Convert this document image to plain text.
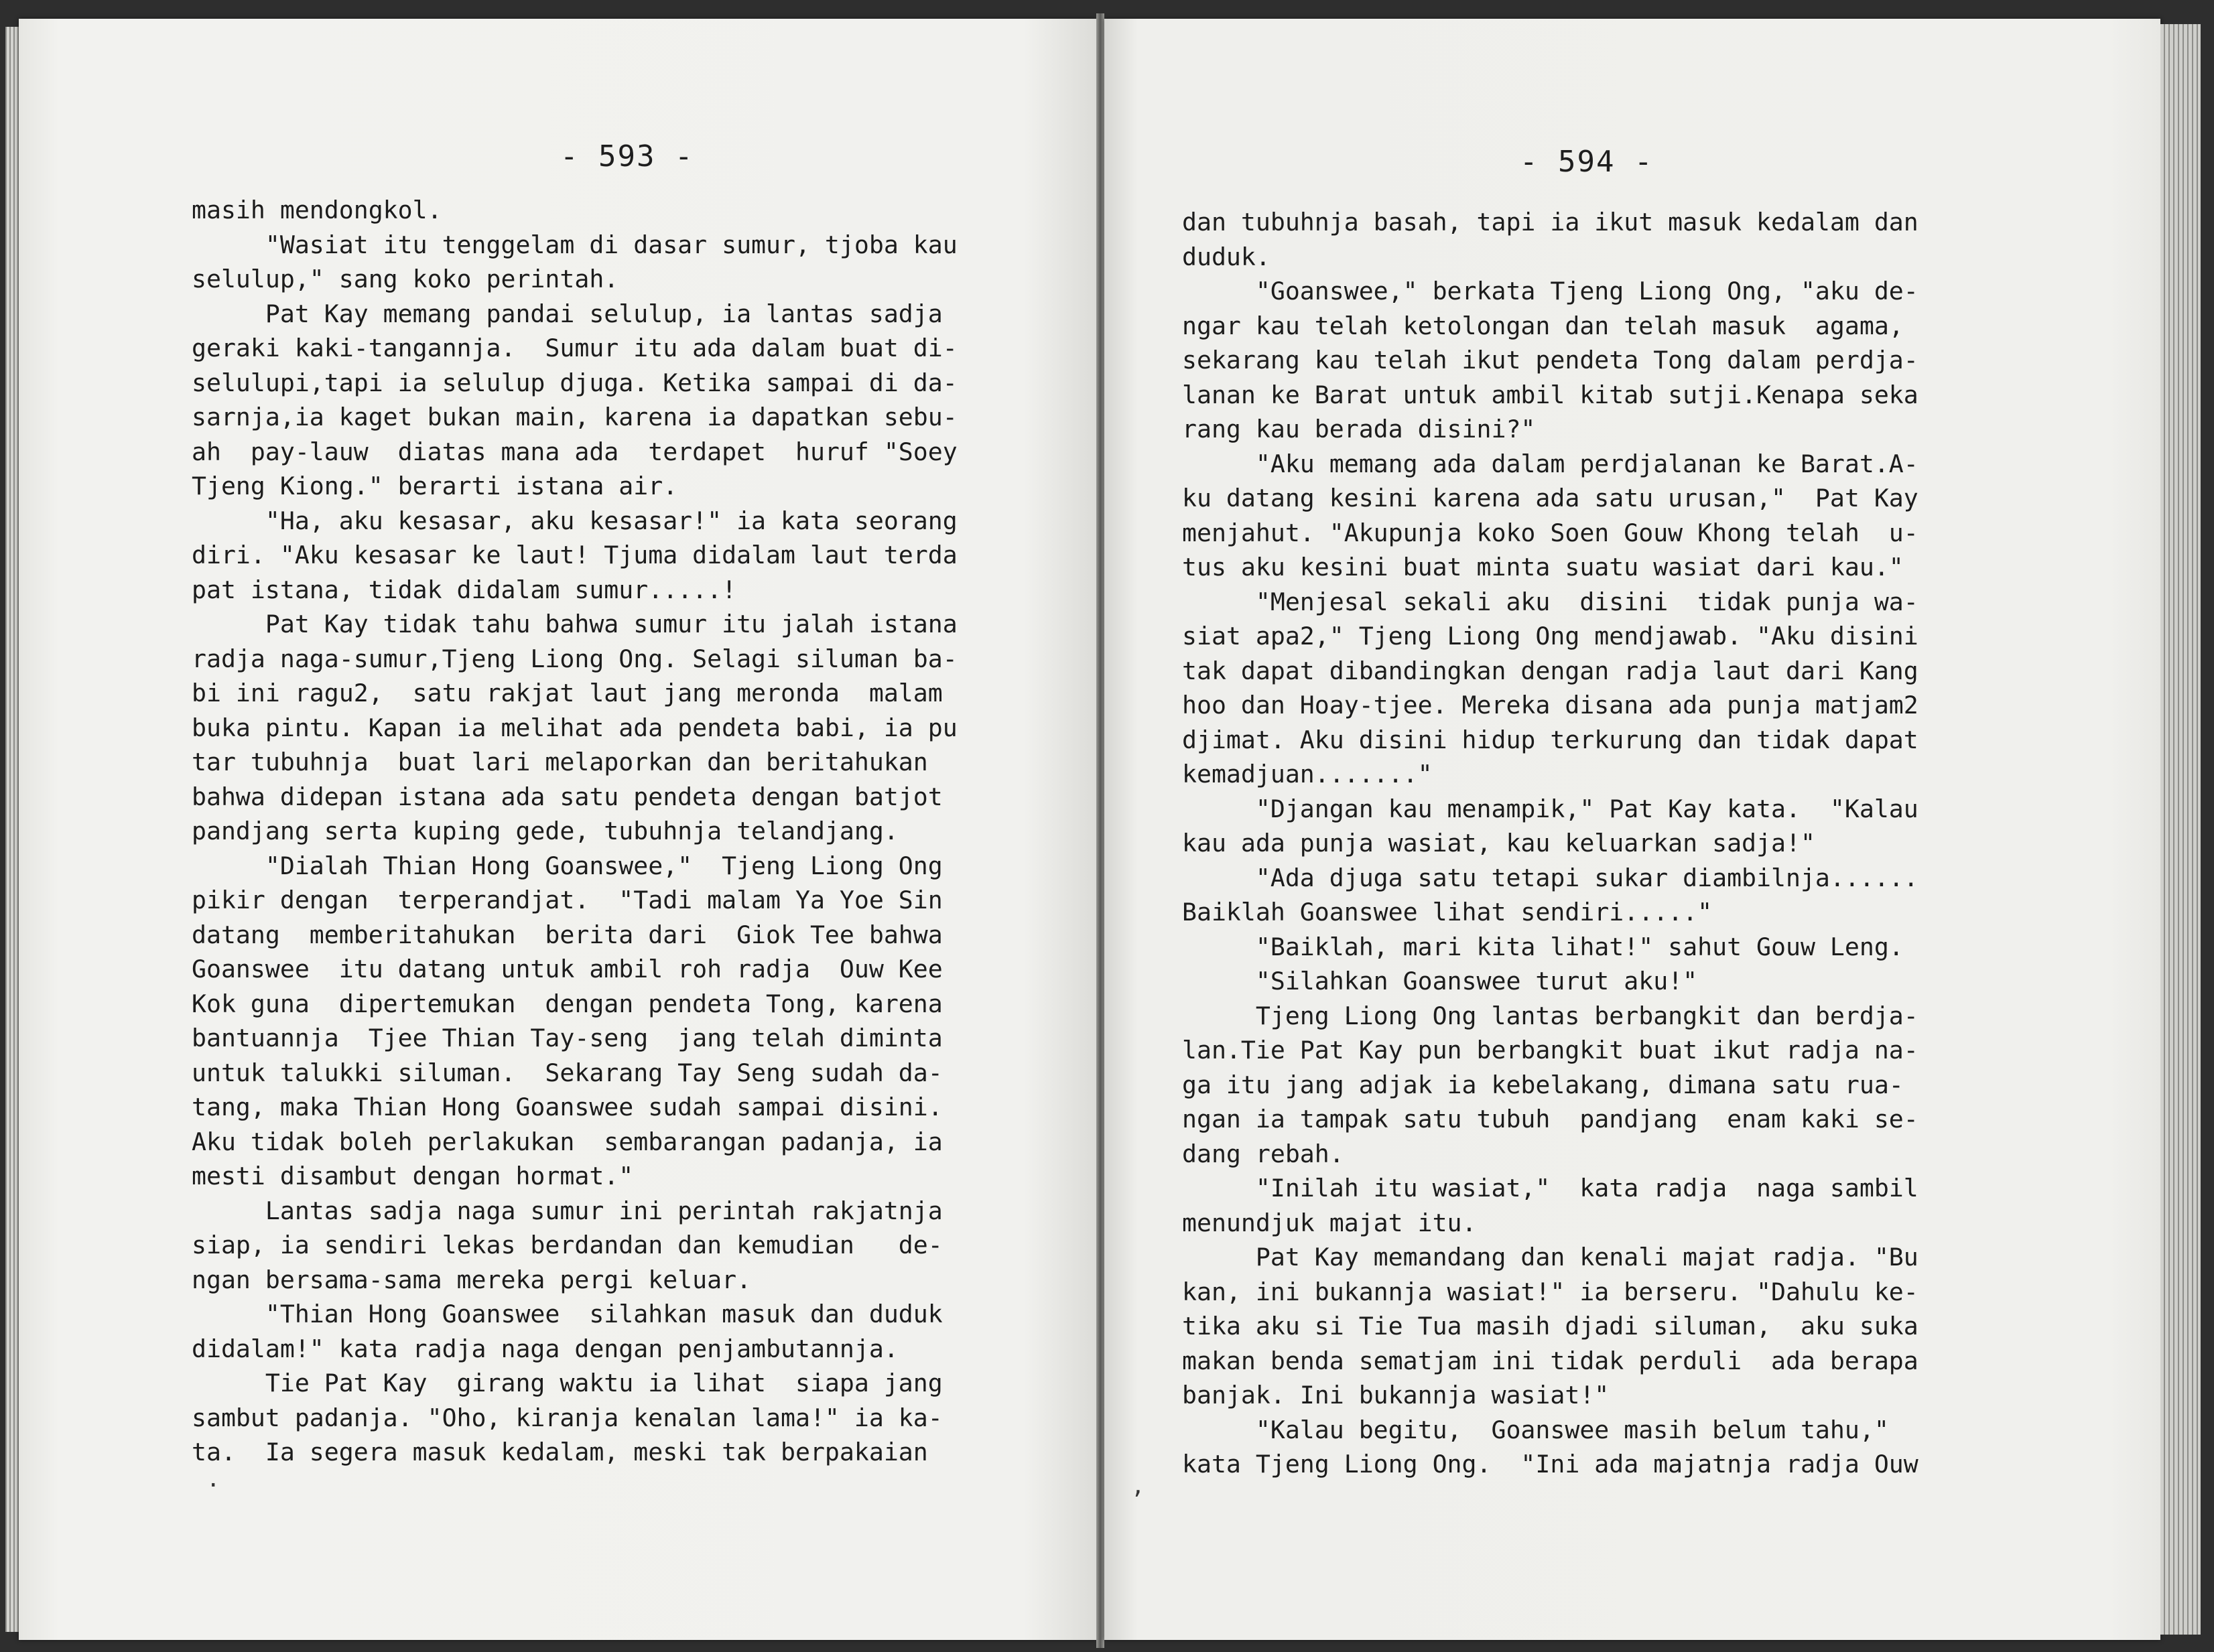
- 593 -
masih mendongkol.
"Wasiat itu tenggelam di dasar sumur, tjoba kau
selulup," sang koko perintah.
Pat Kay memang pandai selulup, ia lantas sadja
geraki kaki-tangannja.  Sumur itu ada dalam buat di-
selulupi,tapi ia selulup djuga. Ketika sampai di da-
sarnja,ia kaget bukan main, karena ia dapatkan sebu-
ah  pay-lauw  diatas mana ada  terdapet  huruf "Soey
Tjeng Kiong." berarti istana air.
"Ha, aku kesasar, aku kesasar!" ia kata seorang
diri. "Aku kesasar ke laut! Tjuma didalam laut terda
pat istana, tidak didalam sumur.....!
Pat Kay tidak tahu bahwa sumur itu jalah istana
radja naga-sumur,Tjeng Liong Ong. Selagi siluman ba-
bi ini ragu2,  satu rakjat laut jang meronda  malam
buka pintu. Kapan ia melihat ada pendeta babi, ia pu
tar tubuhnja  buat lari melaporkan dan beritahukan
bahwa didepan istana ada satu pendeta dengan batjot
pandjang serta kuping gede, tubuhnja telandjang.
"Dialah Thian Hong Goanswee,"  Tjeng Liong Ong
pikir dengan  terperandjat.  "Tadi malam Ya Yoe Sin
datang  memberitahukan  berita dari  Giok Tee bahwa
Goanswee  itu datang untuk ambil roh radja  Ouw Kee
Kok guna  dipertemukan  dengan pendeta Tong, karena
bantuannja  Tjee Thian Tay-seng  jang telah diminta
untuk talukki siluman.  Sekarang Tay Seng sudah da-
tang, maka Thian Hong Goanswee sudah sampai disini.
Aku tidak boleh perlakukan  sembarangan padanja, ia
mesti disambut dengan hormat."
Lantas sadja naga sumur ini perintah rakjatnja
siap, ia sendiri lekas berdandan dan kemudian   de-
ngan bersama-sama mereka pergi keluar.
"Thian Hong Goanswee  silahkan masuk dan duduk
didalam!" kata radja naga dengan penjambutannja.
Tie Pat Kay  girang waktu ia lihat  siapa jang
sambut padanja. "Oho, kiranja kenalan lama!" ia ka-
ta.  Ia segera masuk kedalam, meski tak berpakaian
.
- 594 -
dan tubuhnja basah, tapi ia ikut masuk kedalam dan
duduk.
"Goanswee," berkata Tjeng Liong Ong, "aku de-
ngar kau telah ketolongan dan telah masuk  agama,
sekarang kau telah ikut pendeta Tong dalam perdja-
lanan ke Barat untuk ambil kitab sutji.Kenapa seka
rang kau berada disini?"
"Aku memang ada dalam perdjalanan ke Barat.A-
ku datang kesini karena ada satu urusan,"  Pat Kay
menjahut. "Akupunja koko Soen Gouw Khong telah  u-
tus aku kesini buat minta suatu wasiat dari kau."
"Menjesal sekali aku  disini  tidak punja wa-
siat apa2," Tjeng Liong Ong mendjawab. "Aku disini
tak dapat dibandingkan dengan radja laut dari Kang
hoo dan Hoay-tjee. Mereka disana ada punja matjam2
djimat. Aku disini hidup terkurung dan tidak dapat
kemadjuan......."
"Djangan kau menampik," Pat Kay kata.  "Kalau
kau ada punja wasiat, kau keluarkan sadja!"
"Ada djuga satu tetapi sukar diambilnja......
Baiklah Goanswee lihat sendiri....."
"Baiklah, mari kita lihat!" sahut Gouw Leng.
"Silahkan Goanswee turut aku!"
Tjeng Liong Ong lantas berbangkit dan berdja-
lan.Tie Pat Kay pun berbangkit buat ikut radja na-
ga itu jang adjak ia kebelakang, dimana satu rua-
ngan ia tampak satu tubuh  pandjang  enam kaki se-
dang rebah.
"Inilah itu wasiat,"  kata radja  naga sambil
menundjuk majat itu.
Pat Kay memandang dan kenali majat radja. "Bu
kan, ini bukannja wasiat!" ia berseru. "Dahulu ke-
tika aku si Tie Tua masih djadi siluman,  aku suka
makan benda sematjam ini tidak perduli  ada berapa
banjak. Ini bukannja wasiat!"
"Kalau begitu,  Goanswee masih belum tahu,"
kata Tjeng Liong Ong.  "Ini ada majatnja radja Ouw
,
